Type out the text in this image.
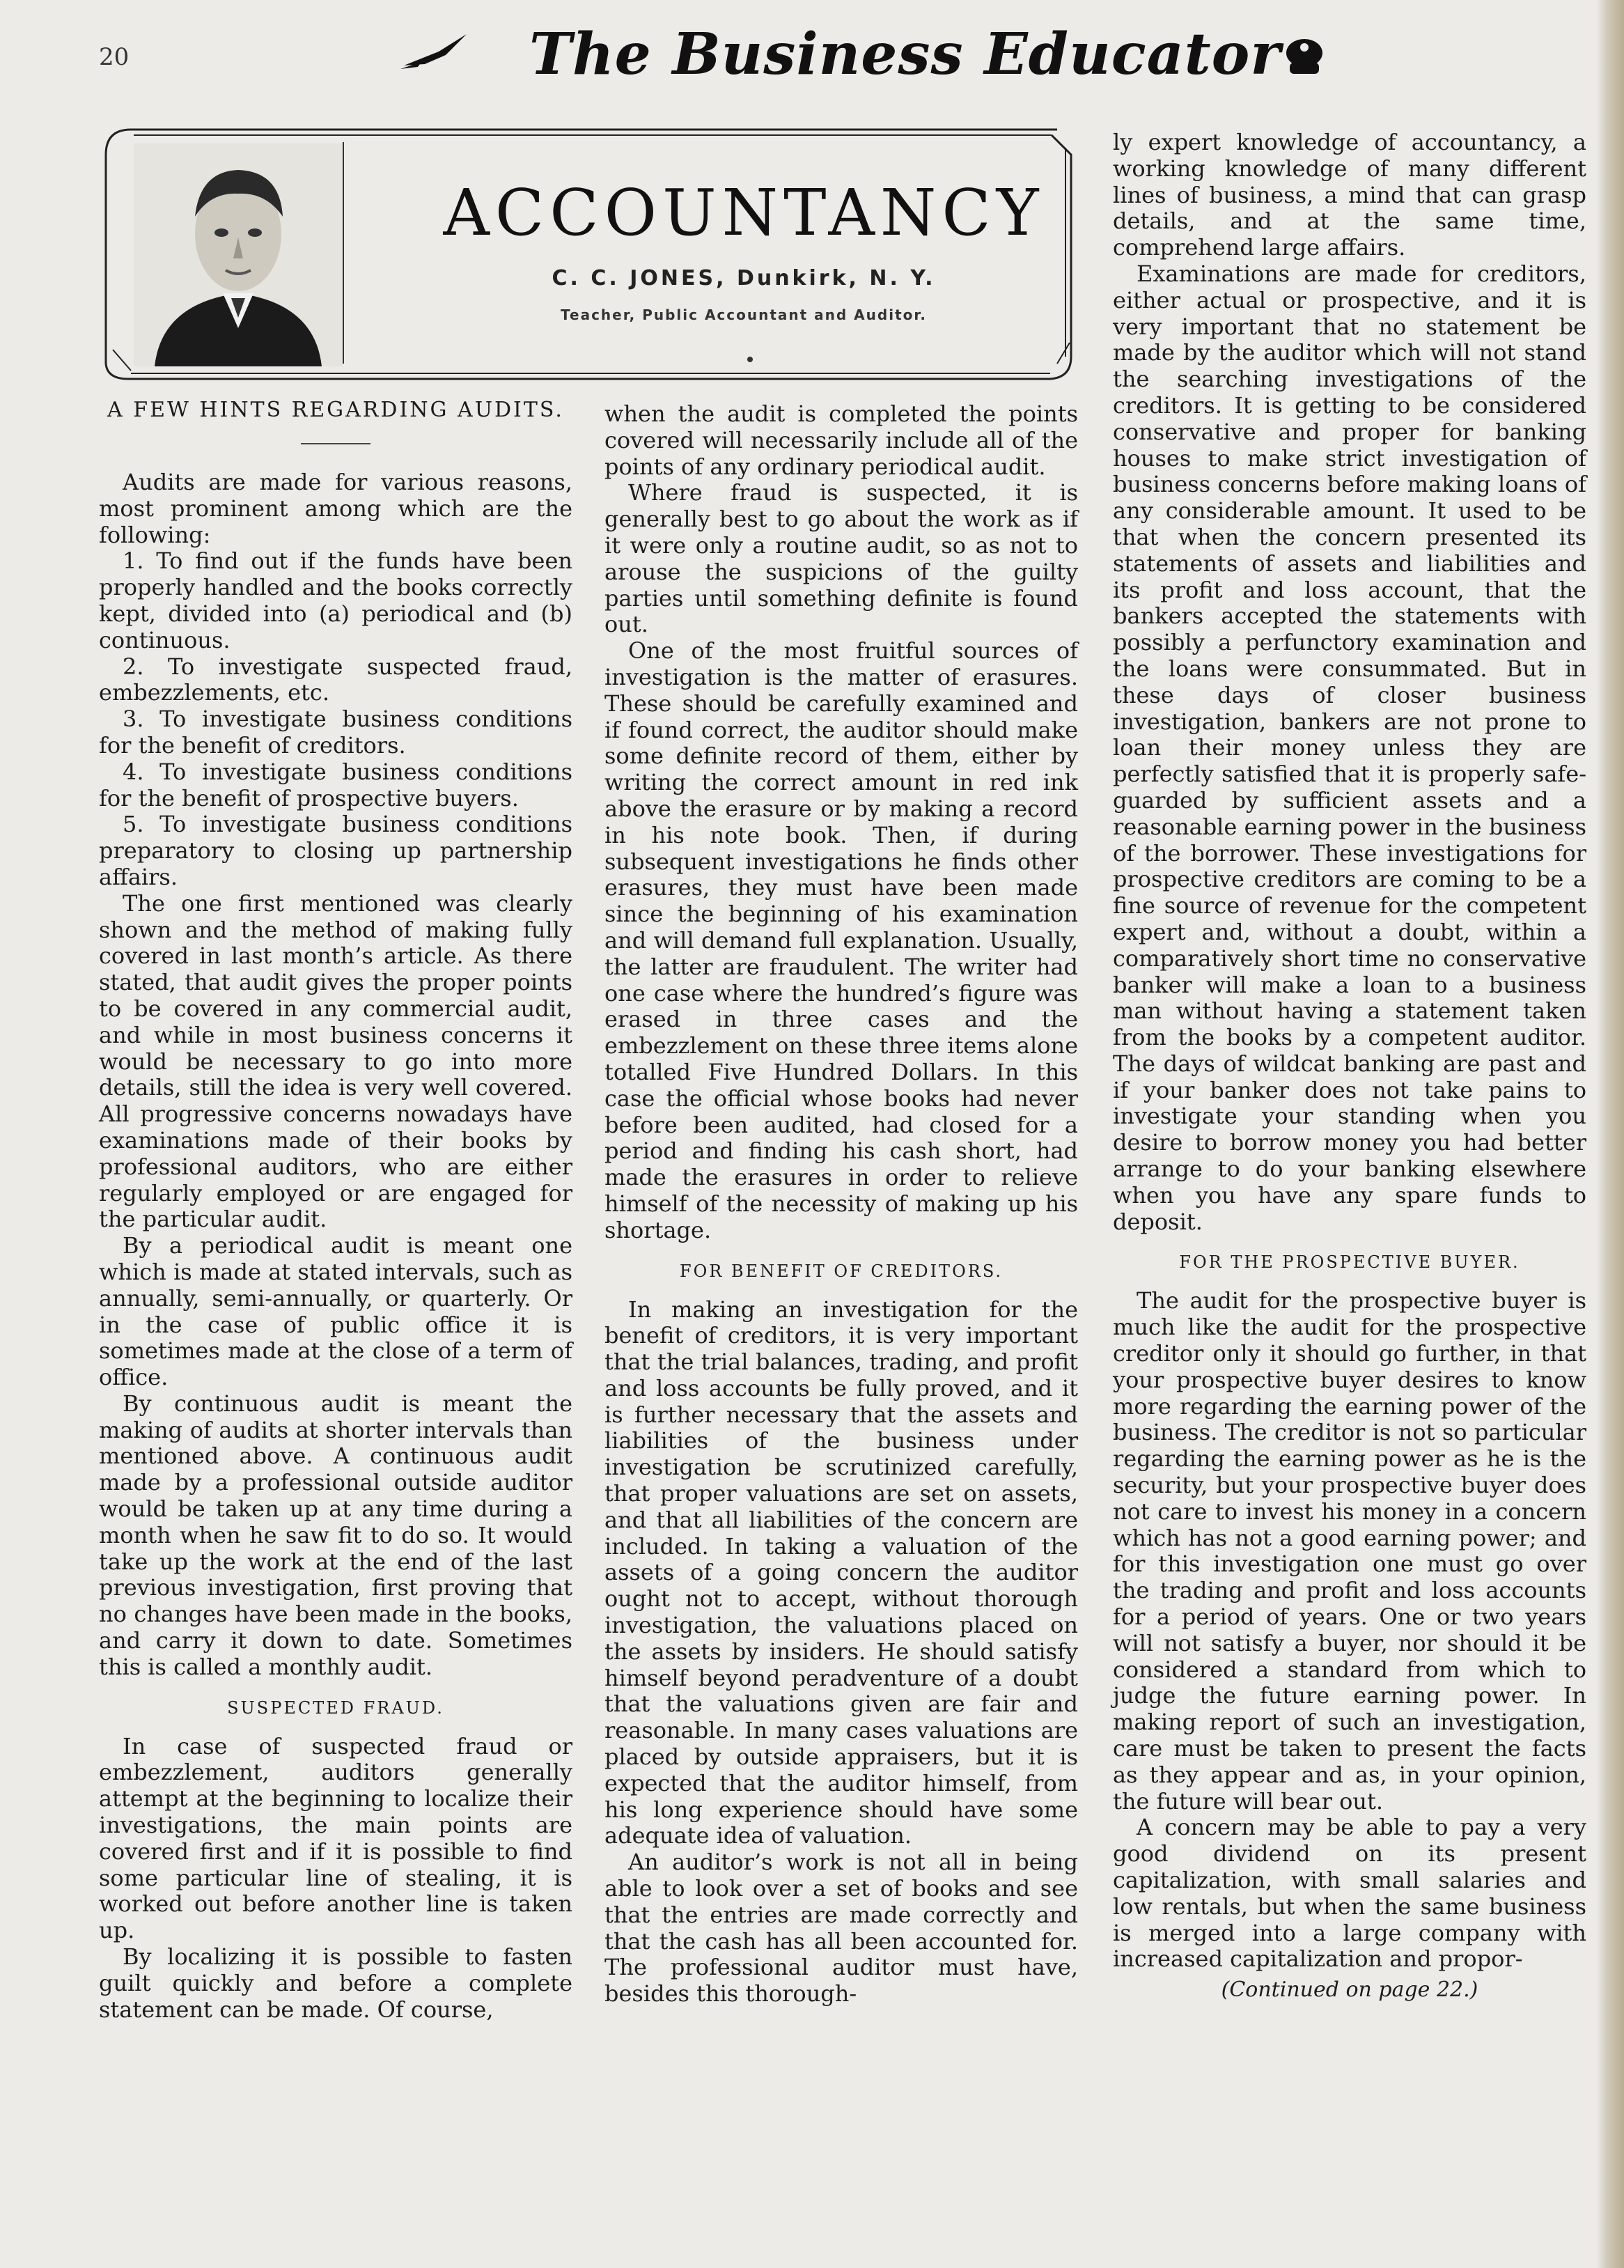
20	The Business Educator
ACCOUNTANCY
C. C. JONES, Dunkirk, N. Y.
Teacher, Public Accountant and Auditor.
A FEW HINTS REGARDING AUDITS.

Audits are made for various reasons, most prominent among which are the following:

1. To find out if the funds have been properly handled and the books correctly kept, divided into (a) periodical and (b) continuous.

2. To investigate suspected fraud, embezzlements, etc.

3. To investigate business conditions for the benefit of creditors.

4. To investigate business conditions for the benefit of prospective buyers.

5. To investigate business conditions preparatory to closing up partnership affairs.

The one first mentioned was clearly shown and the method of making fully covered in last month’s article. As there stated, that audit gives the proper points to be covered in any commercial audit, and while in most business concerns it would be necessary to go into more details, still the idea is very well covered. All progressive concerns nowadays have examinations made of their books by professional auditors, who are either regularly employed or are engaged for the particular audit.

By a periodical audit is meant one which is made at stated intervals, such as annually, semi-annually, or quarterly. Or in the case of public office it is sometimes made at the close of a term of office.

By continuous audit is meant the making of audits at shorter intervals than mentioned above. A continuous audit made by a professional outside auditor would be taken up at any time during a month when he saw fit to do so. It would take up the work at the end of the last previous investigation, first proving that no changes have been made in the books, and carry it down to date. Sometimes this is called a monthly audit.

SUSPECTED FRAUD.

In case of suspected fraud or embezzlement, auditors generally attempt at the beginning to localize their investigations, the main points are covered first and if it is possible to find some particular line of stealing, it is worked out before another line is taken up.

By localizing it is possible to fasten guilt quickly and before a complete statement can be made. Of course,

when the audit is completed the points covered will necessarily include all of the points of any ordinary periodical audit.

Where fraud is suspected, it is generally best to go about the work as if it were only a routine audit, so as not to arouse the suspicions of the guilty parties until something definite is found out.

One of the most fruitful sources of investigation is the matter of erasures. These should be carefully examined and if found correct, the auditor should make some definite record of them, either by writing the correct amount in red ink above the erasure or by making a record in his note book. Then, if during subsequent investigations he finds other erasures, they must have been made since the beginning of his examination and will demand full explanation. Usually, the latter are fraudulent. The writer had one case where the hundred’s figure was erased in three cases and the embezzlement on these three items alone totalled Five Hundred Dollars. In this case the official whose books had never before been audited, had closed for a period and finding his cash short, had made the erasures in order to relieve himself of the necessity of making up his shortage.

FOR BENEFIT OF CREDITORS.

In making an investigation for the benefit of creditors, it is very important that the trial balances, trading, and profit and loss accounts be fully proved, and it is further necessary that the assets and liabilities of the business under investigation be scrutinized carefully, that proper valuations are set on assets, and that all liabilities of the concern are included. In taking a valuation of the assets of a going concern the auditor ought not to accept, without thorough investigation, the valuations placed on the assets by insiders. He should satisfy himself beyond peradventure of a doubt that the valuations given are fair and reasonable. In many cases valuations are placed by outside appraisers, but it is expected that the auditor himself, from his long experience should have some adequate idea of valuation.

An auditor’s work is not all in being able to look over a set of books and see that the entries are made correctly and that the cash has all been accounted for. The professional auditor must have, besides this thorough-

ly expert knowledge of accountancy, a working knowledge of many different lines of business, a mind that can grasp details, and at the same time, comprehend large affairs.

Examinations are made for creditors, either actual or prospective, and it is very important that no statement be made by the auditor which will not stand the searching investigations of the creditors. It is getting to be considered conservative and proper for banking houses to make strict investigation of business concerns before making loans of any considerable amount. It used to be that when the concern presented its statements of assets and liabilities and its profit and loss account, that the bankers accepted the statements with possibly a perfunctory examination and the loans were consummated. But in these days of closer business investigation, bankers are not prone to loan their money unless they are perfectly satisfied that it is properly safe-guarded by sufficient assets and a reasonable earning power in the business of the borrower. These investigations for prospective creditors are coming to be a fine source of revenue for the competent expert and, without a doubt, within a comparatively short time no conservative banker will make a loan to a business man without having a statement taken from the books by a competent auditor. The days of wildcat banking are past and if your banker does not take pains to investigate your standing when you desire to borrow money you had better arrange to do your banking elsewhere when you have any spare funds to deposit.

FOR THE PROSPECTIVE BUYER.

The audit for the prospective buyer is much like the audit for the prospective creditor only it should go further, in that your prospective buyer desires to know more regarding the earning power of the business. The creditor is not so particular regarding the earning power as he is the security, but your prospective buyer does not care to invest his money in a concern which has not a good earning power; and for this investigation one must go over the trading and profit and loss accounts for a period of years. One or two years will not satisfy a buyer, nor should it be considered a standard from which to judge the future earning power. In making report of such an investigation, care must be taken to present the facts as they appear and as, in your opinion, the future will bear out.

A concern may be able to pay a very good dividend on its present capitalization, with small salaries and low rentals, but when the same business is merged into a large company with increased capitalization and propor-

(Continued on page 22.)
